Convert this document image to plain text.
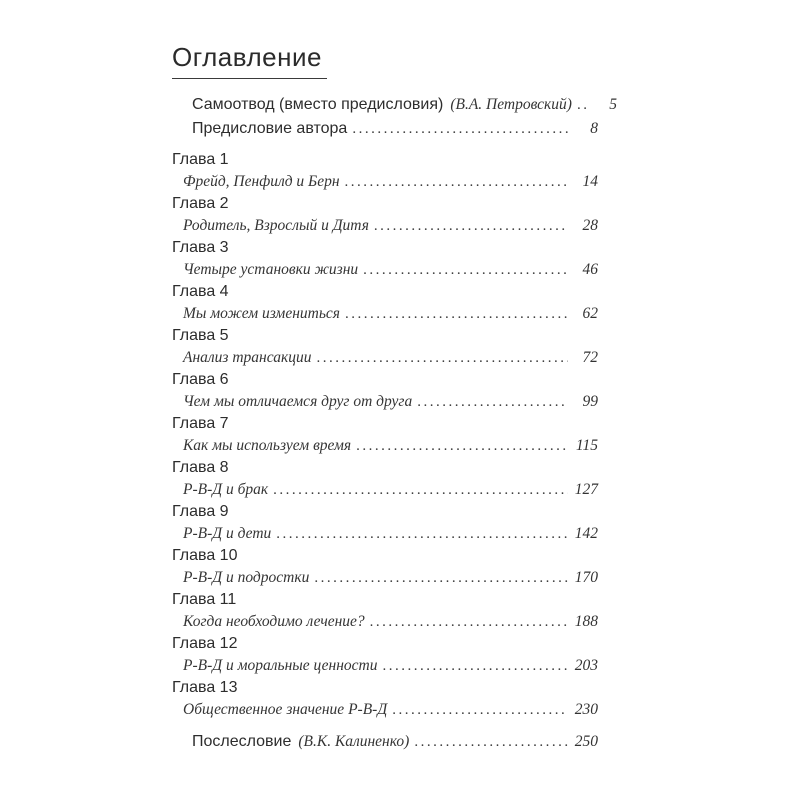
Оглавление
Самоотвод (вместо предисловия) (В.А. Петровский) .....	5
Предисловие автора .....	8
Глава 1
Фрейд, Пенфилд и Берн .....	14
Глава 2
Родитель, Взрослый и Дитя .....	28
Глава 3
Четыре установки жизни .....	46
Глава 4
Мы можем измениться .....	62
Глава 5
Анализ трансакции .....	72
Глава 6
Чем мы отличаемся друг от друга .....	99
Глава 7
Как мы используем время .....	115
Глава 8
Р-В-Д и брак .....	127
Глава 9
Р-В-Д и дети .....	142
Глава 10
Р-В-Д и подростки .....	170
Глава 11
Когда необходимо лечение? .....	188
Глава 12
Р-В-Д и моральные ценности .....	203
Глава 13
Общественное значение Р-В-Д .....	230
Послесловие (В.К. Калиненко) .....	250
